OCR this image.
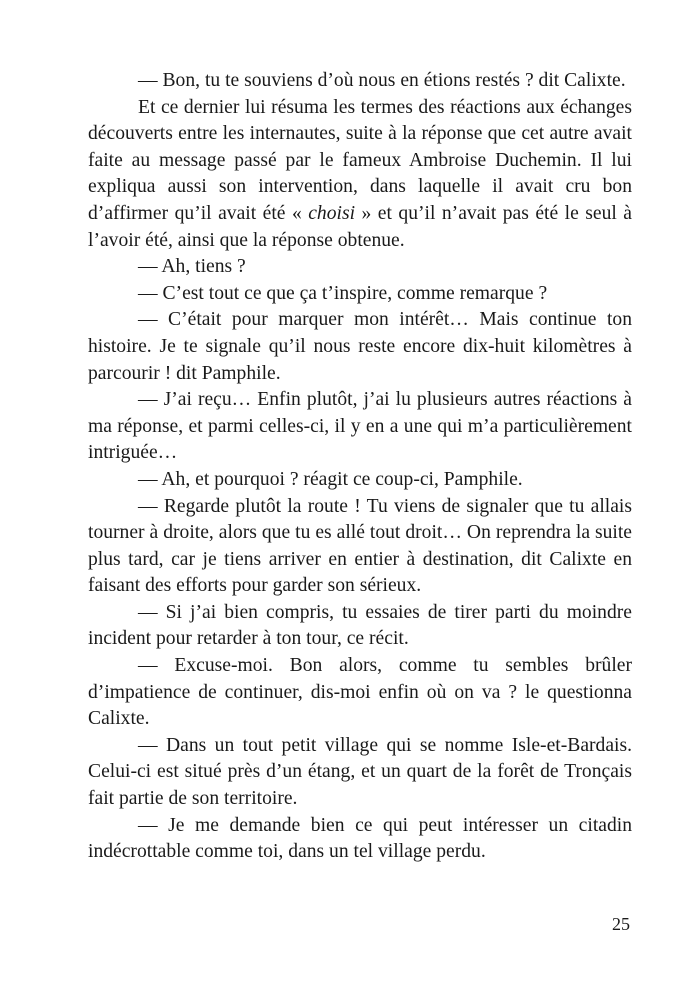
— Bon, tu te souviens d’où nous en étions restés ? dit Calixte.

Et ce dernier lui résuma les termes des réactions aux échanges découverts entre les internautes, suite à la réponse que cet autre avait faite au message passé par le fameux Ambroise Duchemin. Il lui expliqua aussi son intervention, dans laquelle il avait cru bon d’affirmer qu’il avait été « choisi » et qu’il n’avait pas été le seul à l’avoir été, ainsi que la réponse obtenue.

— Ah, tiens ?

— C’est tout ce que ça t’inspire, comme remarque ?

— C’était pour marquer mon intérêt… Mais continue ton histoire. Je te signale qu’il nous reste encore dix-huit kilomètres à parcourir ! dit Pamphile.

— J’ai reçu… Enfin plutôt, j’ai lu plusieurs autres réactions à ma réponse, et parmi celles-ci, il y en a une qui m’a particulièrement intriguée…

— Ah, et pourquoi ? réagit ce coup-ci, Pamphile.

— Regarde plutôt la route ! Tu viens de signaler que tu allais tourner à droite, alors que tu es allé tout droit… On reprendra la suite plus tard, car je tiens arriver en entier à destination, dit Calixte en faisant des efforts pour garder son sérieux.

— Si j’ai bien compris, tu essaies de tirer parti du moindre incident pour retarder à ton tour, ce récit.

— Excuse-moi. Bon alors, comme tu sembles brûler d’impatience de continuer, dis-moi enfin où on va ? le questionna Calixte.

— Dans un tout petit village qui se nomme Isle-et-Bardais. Celui-ci est situé près d’un étang, et un quart de la forêt de Tronçais fait partie de son territoire.

— Je me demande bien ce qui peut intéresser un citadin indécrottable comme toi, dans un tel village perdu.

25
